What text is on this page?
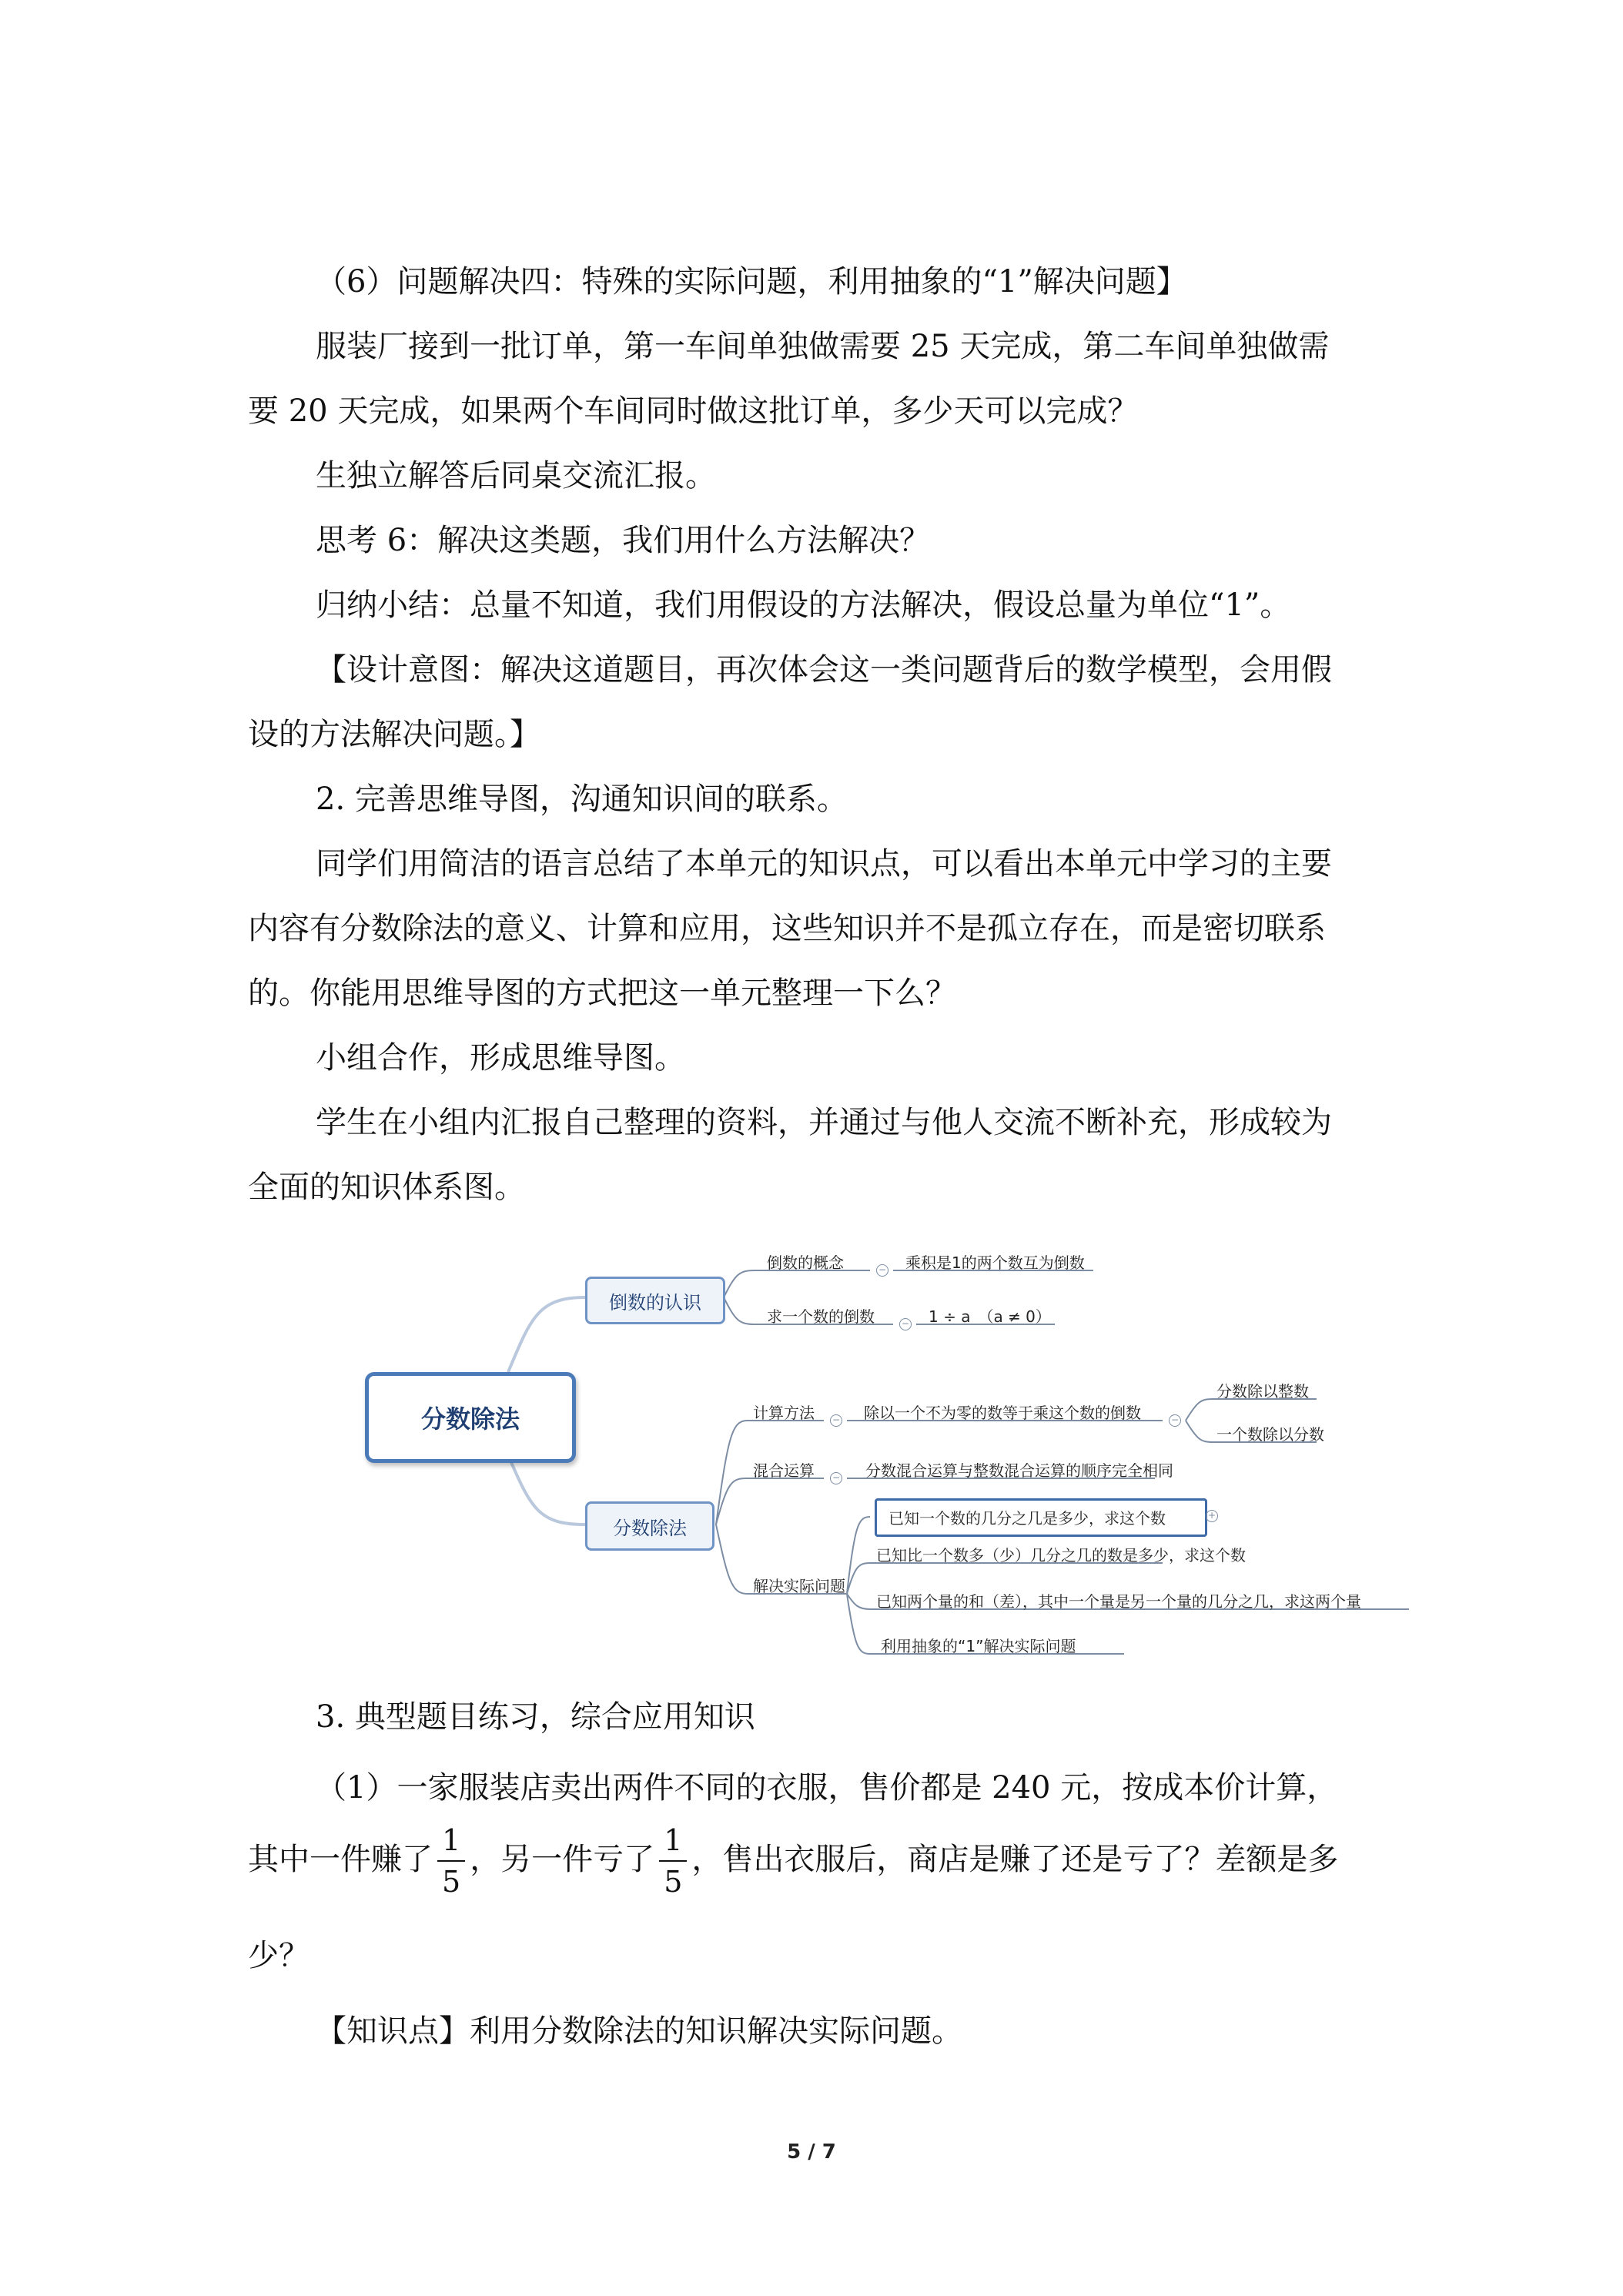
（6）问题解决四：特殊的实际问题，利用抽象的“1”解决问题】
服装厂接到一批订单，第一车间单独做需要 25 天完成，第二车间单独做需
要 20 天完成，如果两个车间同时做这批订单，多少天可以完成？
生独立解答后同桌交流汇报。
思考 6：解决这类题，我们用什么方法解决？
归纳小结：总量不知道，我们用假设的方法解决，假设总量为单位“1”。
【设计意图：解决这道题目，再次体会这一类问题背后的数学模型，会用假
设的方法解决问题。】
2. 完善思维导图，沟通知识间的联系。
同学们用简洁的语言总结了本单元的知识点，可以看出本单元中学习的主要
内容有分数除法的意义、计算和应用，这些知识并不是孤立存在，而是密切联系
的。你能用思维导图的方式把这一单元整理一下么？
小组合作，形成思维导图。
学生在小组内汇报自己整理的资料，并通过与他人交流不断补充，形成较为
全面的知识体系图。
分数除法
倒数的认识
分数除法
倒数的概念	− 乘积是1的两个数互为倒数
求一个数的倒数	− 1 ÷ a　（a ≠ 0）
计算方法 − 除以一个不为零的数等于乘这个数的倒数	−
分数除以整数
一个数除以分数
混合运算 − 分数混合运算与整数混合运算的顺序完全相同
解决实际问题
已知一个数的几分之几是多少，求这个数	+
已知比一个数多（少）几分之几的数是多少，求这个数
已知两个量的和（差），其中一个量是另一个量的几分之几，求这两个量
利用抽象的“1”解决实际问题
3. 典型题目练习，综合应用知识
（1）一家服装店卖出两件不同的衣服，售价都是 240 元，按成本价计算，
其中一件赚了 $\frac{1}{5}$ ，另一件亏了 $\frac{1}{5}$ ，售出衣服后，商店是赚了还是亏了？差额是多
少？
【知识点】利用分数除法的知识解决实际问题。
5 / 7
